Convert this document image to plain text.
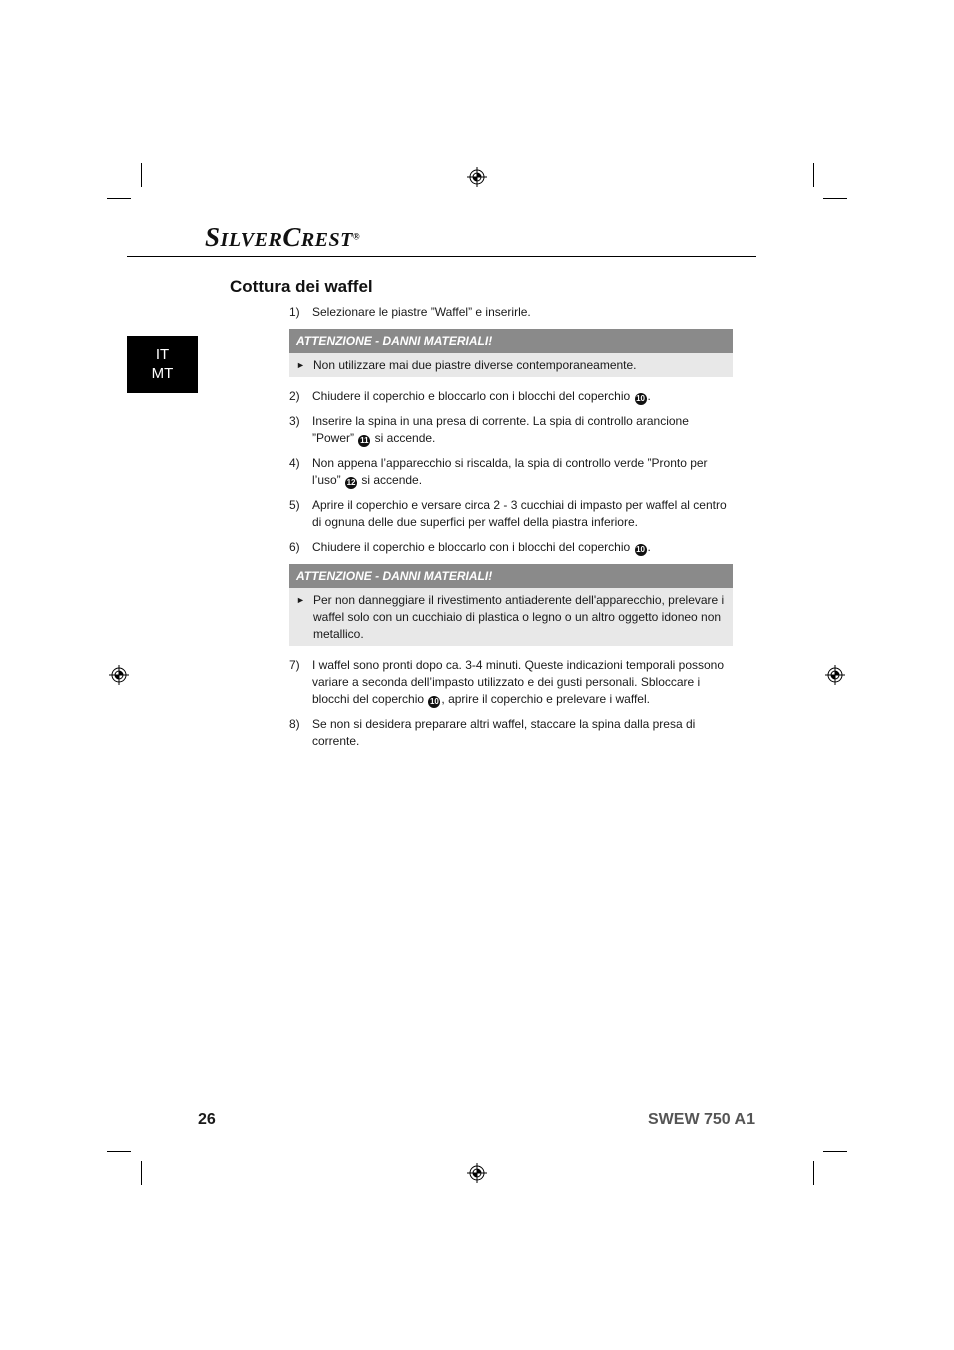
SILVERCREST®
IT
MT
Cottura dei waffel
1)	Selezionare le piastre ”Waffel” e inserirle.
ATTENZIONE - DANNI MATERIALI!
► Non utilizzare mai due piastre diverse contemporaneamente.
2)	Chiudere il coperchio e bloccarlo con i blocchi del coperchio 10 .
3)	Inserire la spina in una presa di corrente. La spia di controllo arancione ”Power” 11 si accende.
4)	Non appena l’apparecchio si riscalda, la spia di controllo verde ”Pronto per l’uso” 12 si accende.
5)	Aprire il coperchio e versare circa 2 - 3 cucchiai di impasto per waffel al centro di ognuna delle due superfici per waffel della piastra inferiore.
6)	Chiudere il coperchio e bloccarlo con i blocchi del coperchio 10 .
ATTENZIONE - DANNI MATERIALI!
► Per non danneggiare il rivestimento antiaderente dell'apparecchio, prelevare i waffel solo con un cucchiaio di plastica o legno o un altro oggetto idoneo non metallico.
7)	I waffel sono pronti dopo ca. 3-4 minuti. Queste indicazioni temporali possono variare a seconda dell’impasto utilizzato e dei gusti personali. Sbloccare i blocchi del coperchio 10 , aprire il coperchio e prelevare i waffel.
8)	Se non si desidera preparare altri waffel, staccare la spina dalla presa di corrente.
26	SWEW 750 A1
